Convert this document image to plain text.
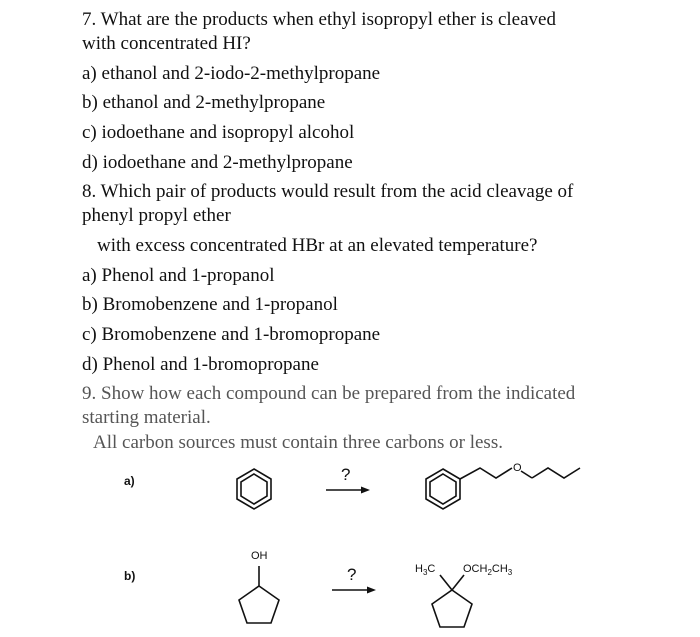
7. What are the products when ethyl isopropyl ether is cleaved
with concentrated HI?
a) ethanol and 2-iodo-2-methylpropane
b) ethanol and 2-methylpropane
c) iodoethane and isopropyl alcohol
d) iodoethane and 2-methylpropane
8. Which pair of products would result from the acid cleavage of
phenyl propyl ether
with excess concentrated HBr at an elevated temperature?
a) Phenol and 1-propanol
b) Bromobenzene and 1-propanol
c) Bromobenzene and 1-bromopropane
d) Phenol and 1-bromopropane
9. Show how each compound can be prepared from the indicated
starting material.
All carbon sources must contain three carbons or less.
a)	?	O
b)	?
OH
$H_3C$	$OCH_2CH_3$
